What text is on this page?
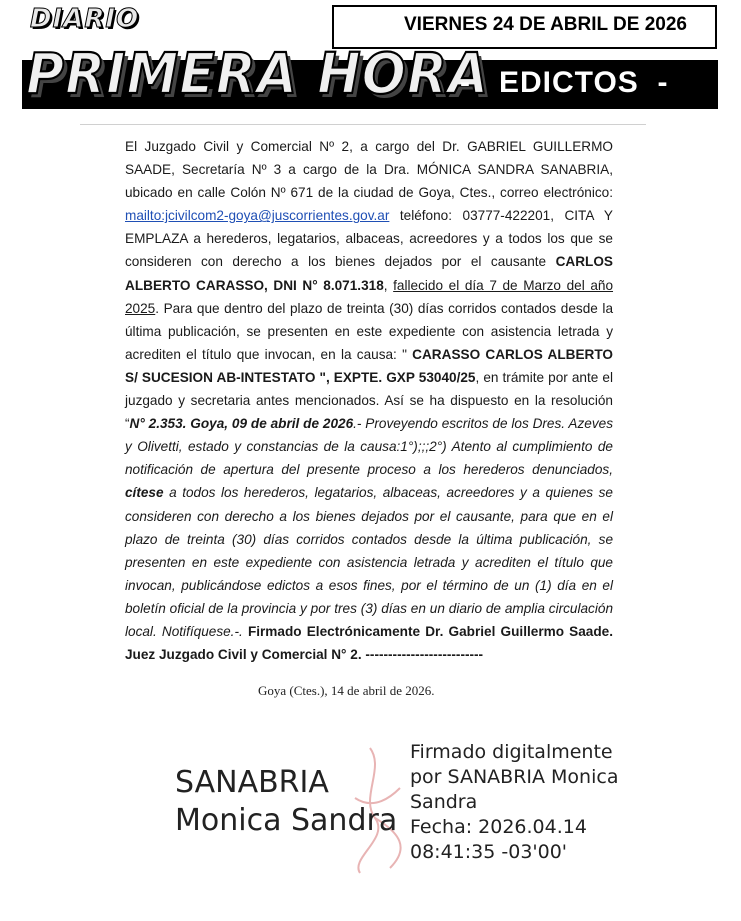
DIARIO
PRIMERA HORA
VIERNES 24 DE ABRIL DE 2026
-   EDICTOS  -
El Juzgado Civil y Comercial Nº 2, a cargo del Dr. GABRIEL GUILLERMO SAADE, Secretaría Nº 3 a cargo de la Dra. MÓNICA SANDRA SANABRIA, ubicado en calle Colón Nº 671 de la ciudad de Goya, Ctes., correo electrónico: mailto:jcivilcom2-goya@juscorrientes.gov.ar teléfono: 03777-422201, CITA Y EMPLAZA a herederos, legatarios, albaceas, acreedores y a todos los que se consideren con derecho a los bienes dejados por el causante CARLOS ALBERTO CARASSO, DNI N° 8.071.318, fallecido el día 7 de Marzo del año 2025. Para que dentro del plazo de treinta (30) días corridos contados desde la última publicación, se presenten en este expediente con asistencia letrada y acrediten el título que invocan, en la causa: " CARASSO CARLOS ALBERTO S/ SUCESION AB-INTESTATO ", EXPTE. GXP 53040/25, en trámite por ante el juzgado y secretaria antes mencionados. Así se ha dispuesto en la resolución “N° 2.353. Goya, 09 de abril de 2026.- Proveyendo escritos de los Dres. Azeves y Olivetti, estado y constancias de la causa:1°);;;2°) Atento al cumplimiento de notificación de apertura del presente proceso a los herederos denunciados, cítese a todos los herederos, legatarios, albaceas, acreedores y a quienes se consideren con derecho a los bienes dejados por el causante, para que en el plazo de treinta (30) días corridos contados desde la última publicación, se presenten en este expediente con asistencia letrada y acrediten el título que invocan, publicándose edictos a esos fines, por el término de un (1) día en el boletín oficial de la provincia y por tres (3) días en un diario de amplia circulación local. Notifíquese.-. Firmado Electrónicamente Dr. Gabriel Guillermo Saade. Juez Juzgado Civil y Comercial N° 2. --------------------------
Goya (Ctes.), 14 de abril de 2026.
SANABRIA
Monica Sandra
Firmado digitalmente
por SANABRIA Monica
Sandra
Fecha: 2026.04.14
08:41:35 -03'00'
